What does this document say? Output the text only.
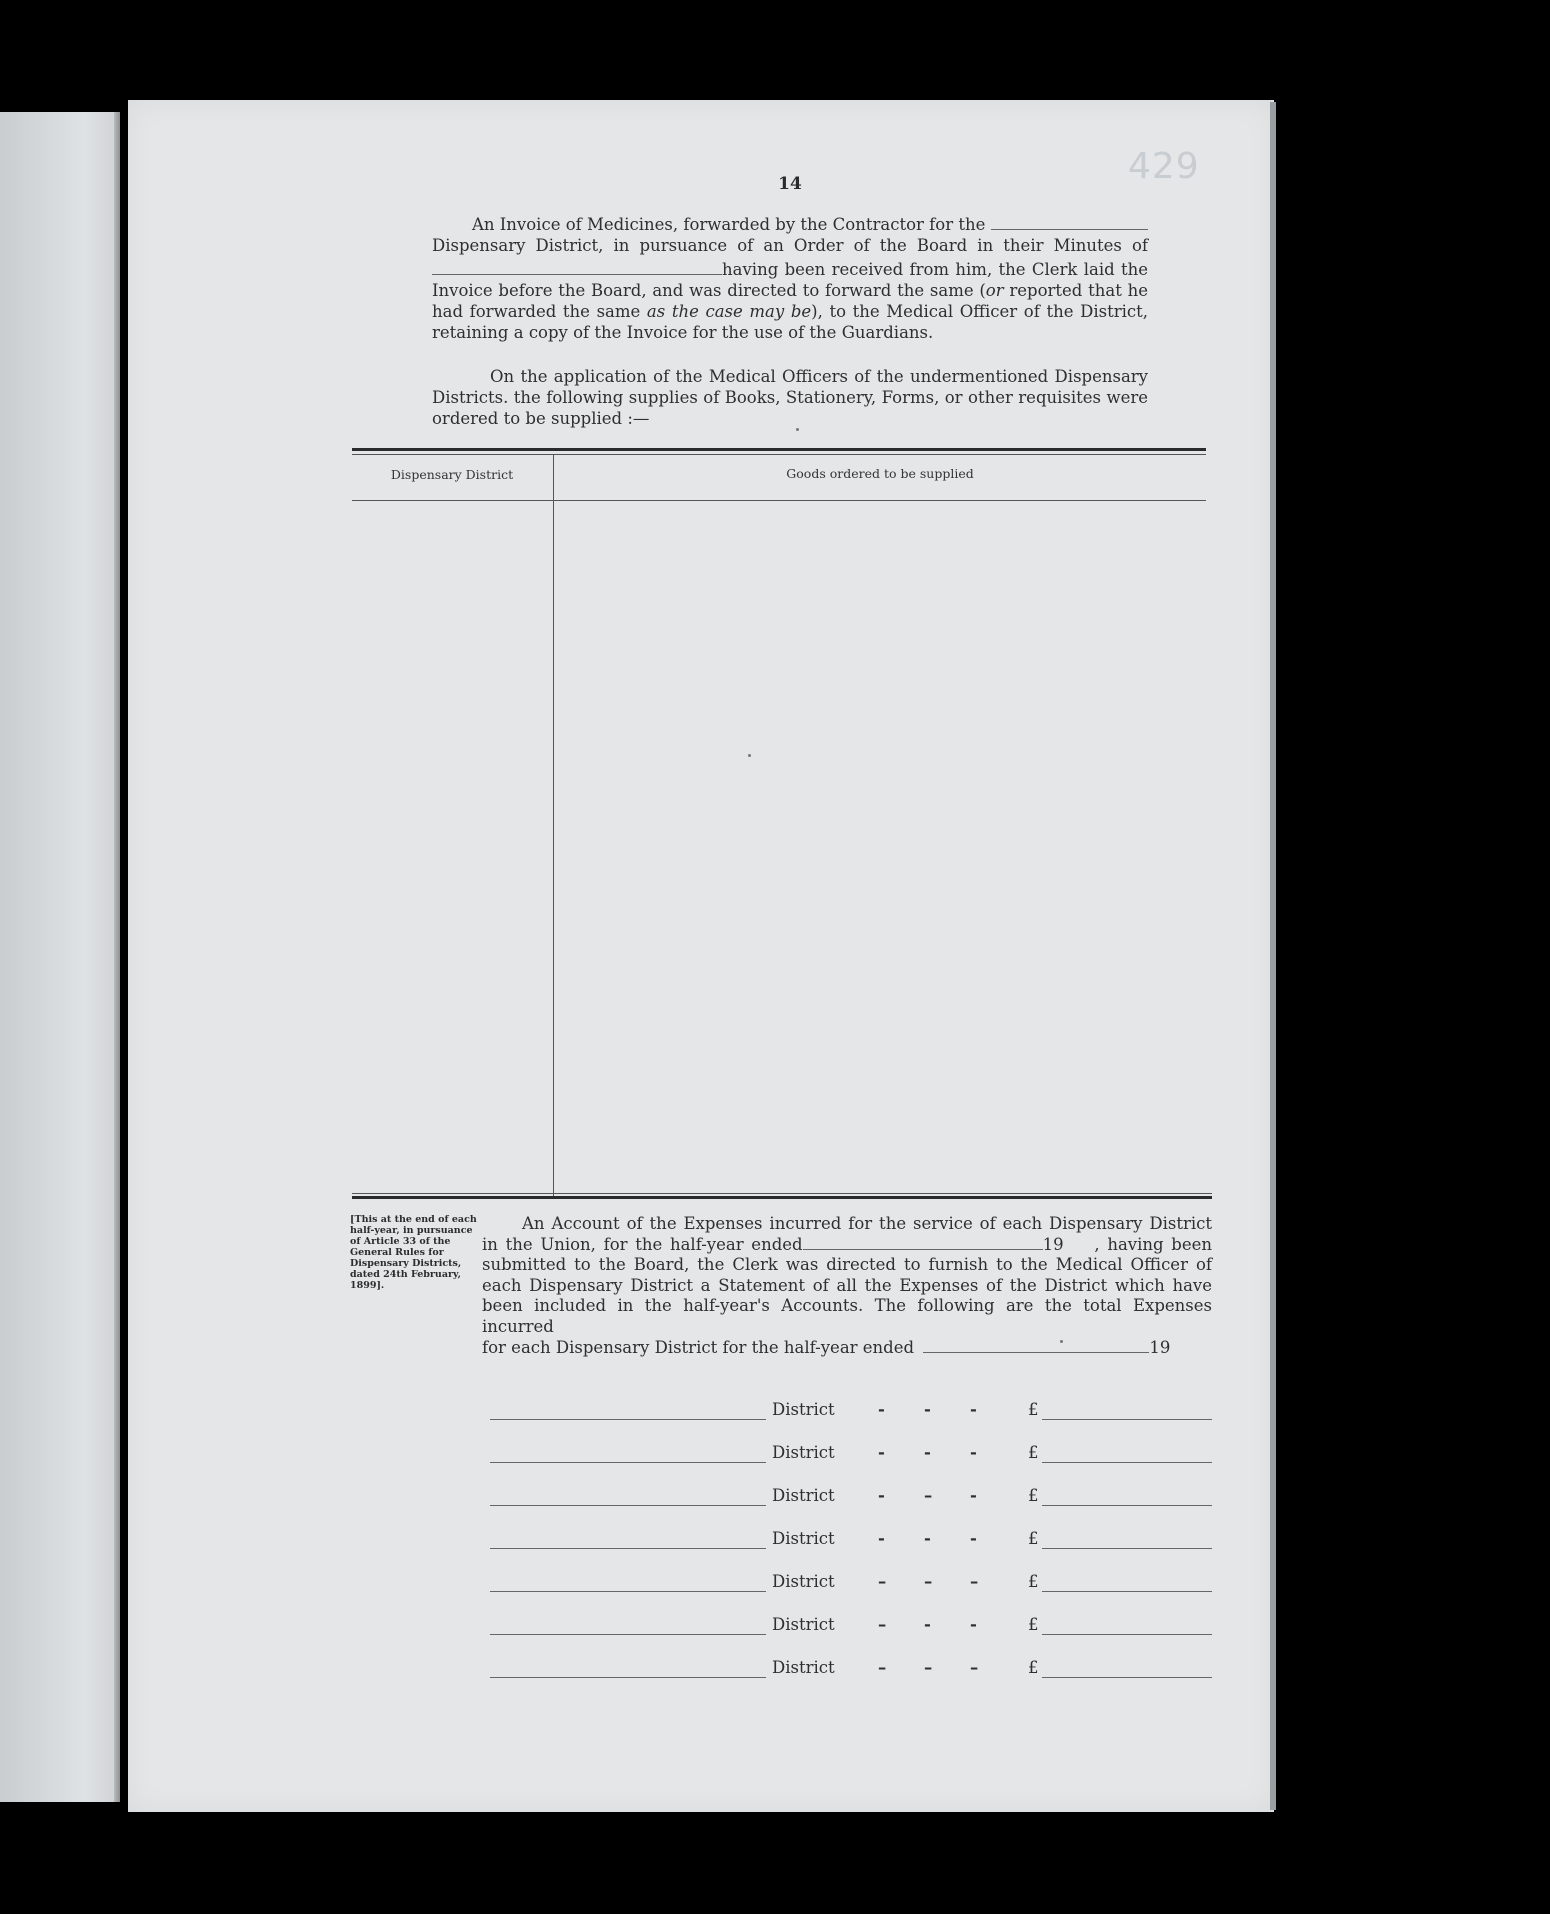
429
14
An Invoice of Medicines, forwarded by the Contractor for the
Dispensary District, in pursuance of an Order of the Board in their Minutes of
having been received from him, the Clerk laid the Invoice before the Board, and was directed to forward the same (or reported that he had forwarded the same as the case may be), to the Medical Officer of the District, retaining a copy of the Invoice for the use of the Guardians.
On the application of the Medical Officers of the undermentioned Dispensary Districts. the following supplies of Books, Stationery, Forms, or other requisites were ordered to be supplied :—
Dispensary District	Goods ordered to be supplied
[This at the end of each half-year, in pursuance of Article 33 of the General Rules for Dispensary Districts, dated 24th February, 1899].
An Account of the Expenses incurred for the service of each Dispensary District in the Union, for the half-year ended	19 , having been submitted to the Board, the Clerk was directed to furnish to the Medical Officer of each Dispensary District a Statement of all the Expenses of the District which have been included in the half-year's Accounts. The following are the total Expenses incurred
for each Dispensary District for the half-year ended	19
District	- - -	£
District	- - -	£
District	- – -	£
District	- - -	£
District	– – –	£
District	– - -	£
District	– – –	£
